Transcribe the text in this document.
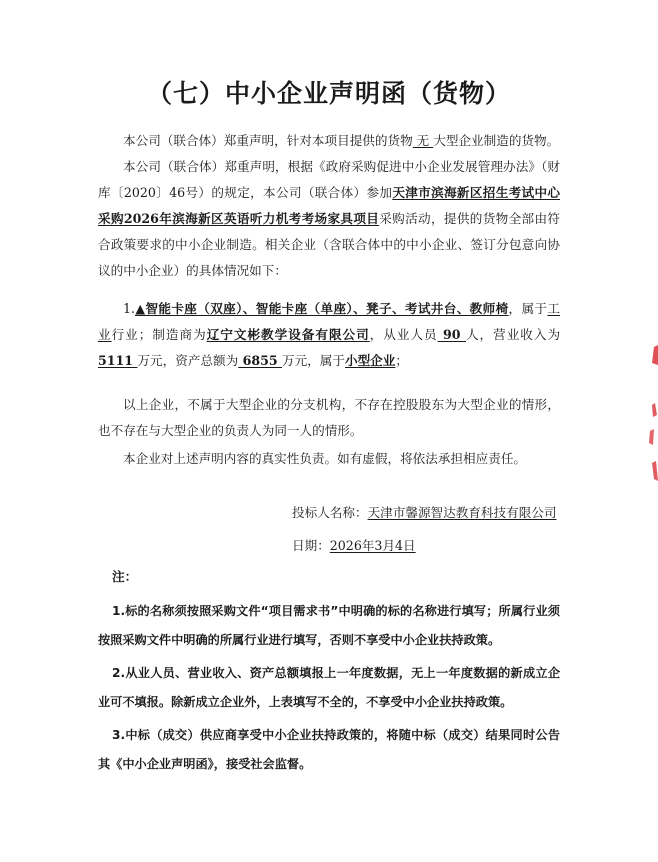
（七）中小企业声明函（货物）
本公司（联合体）郑重声明，针对本项目提供的货物 无 大型企业制造的货物。
本公司（联合体）郑重声明，根据《政府采购促进中小企业发展管理办法》（财库〔2020〕46号）的规定，本公司（联合体）参加天津市滨海新区招生考试中心采购2026年滨海新区英语听力机考考场家具项目采购活动，提供的货物全部由符合政策要求的中小企业制造。相关企业（含联合体中的中小企业、签订分包意向协议的中小企业）的具体情况如下：
1.▲智能卡座（双座）、智能卡座（单座）、凳子、考试井台、教师椅，属于工业行业；制造商为辽宁文彬教学设备有限公司，从业人员 90 人，营业收入为 5111 万元，资产总额为 6855 万元，属于小型企业；
以上企业，不属于大型企业的分支机构，不存在控股股东为大型企业的情形，也不存在与大型企业的负责人为同一人的情形。
本企业对上述声明内容的真实性负责。如有虚假，将依法承担相应责任。
投标人名称：天津市馨源智达教育科技有限公司
日期：2026年3月4日
注：
1.标的名称须按照采购文件“项目需求书”中明确的标的名称进行填写；所属行业须按照采购文件中明确的所属行业进行填写，否则不享受中小企业扶持政策。
2.从业人员、营业收入、资产总额填报上一年度数据，无上一年度数据的新成立企业可不填报。除新成立企业外，上表填写不全的，不享受中小企业扶持政策。
3.中标（成交）供应商享受中小企业扶持政策的，将随中标（成交）结果同时公告其《中小企业声明函》，接受社会监督。
